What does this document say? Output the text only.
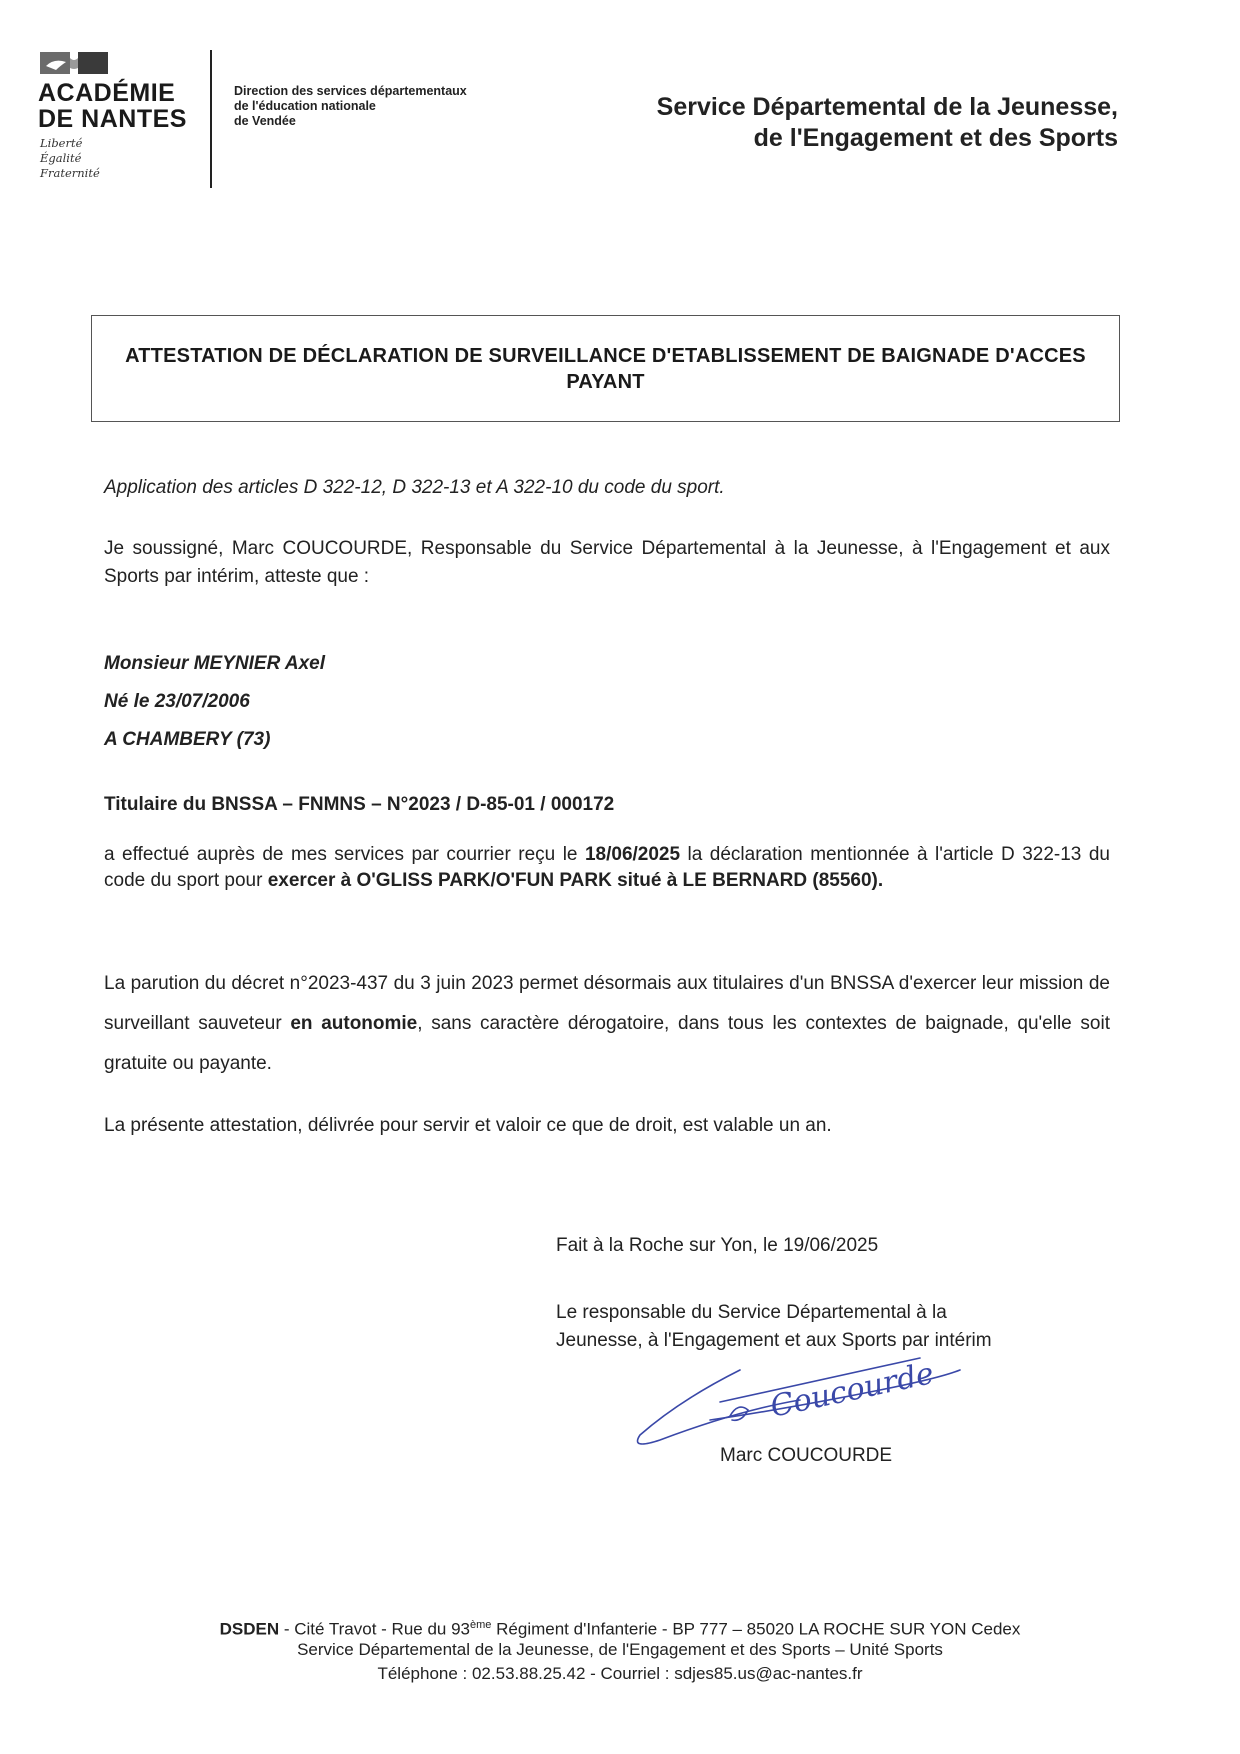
ACADÉMIE
DE NANTES
Liberté
Égalité
Fraternité
Direction des services départementaux
de l'éducation nationale
de Vendée	Service Départemental de la Jeunesse,
de l'Engagement et des Sports
ATTESTATION DE DÉCLARATION DE SURVEILLANCE D'ETABLISSEMENT DE BAIGNADE D'ACCES PAYANT
Application des articles D 322-12, D 322-13 et A 322-10 du code du sport.
Je soussigné, Marc COUCOURDE, Responsable du Service Départemental à la Jeunesse, à l'Engagement et aux Sports par intérim, atteste que :
Monsieur MEYNIER Axel
Né le 23/07/2006
A CHAMBERY (73)
Titulaire du BNSSA – FNMNS – N°2023 / D-85-01 / 000172
a effectué auprès de mes services par courrier reçu le 18/06/2025 la déclaration mentionnée à l'article D 322-13 du code du sport pour exercer à O'GLISS PARK/O'FUN PARK situé à LE BERNARD (85560).
La parution du décret n°2023-437 du 3 juin 2023 permet désormais aux titulaires d'un BNSSA d'exercer leur mission de surveillant sauveteur en autonomie, sans caractère dérogatoire, dans tous les contextes de baignade, qu'elle soit gratuite ou payante.
La présente attestation, délivrée pour servir et valoir ce que de droit, est valable un an.
Fait à la Roche sur Yon, le 19/06/2025
Le responsable du Service Départemental à la
Jeunesse, à l'Engagement et aux Sports par intérim
Coucourde
Marc COUCOURDE
DSDEN - Cité Travot - Rue du 93ème Régiment d'Infanterie - BP 777 – 85020 LA ROCHE SUR YON Cedex
Service Départemental de la Jeunesse, de l'Engagement et des Sports – Unité Sports
Téléphone : 02.53.88.25.42 - Courriel : sdjes85.us@ac-nantes.fr
